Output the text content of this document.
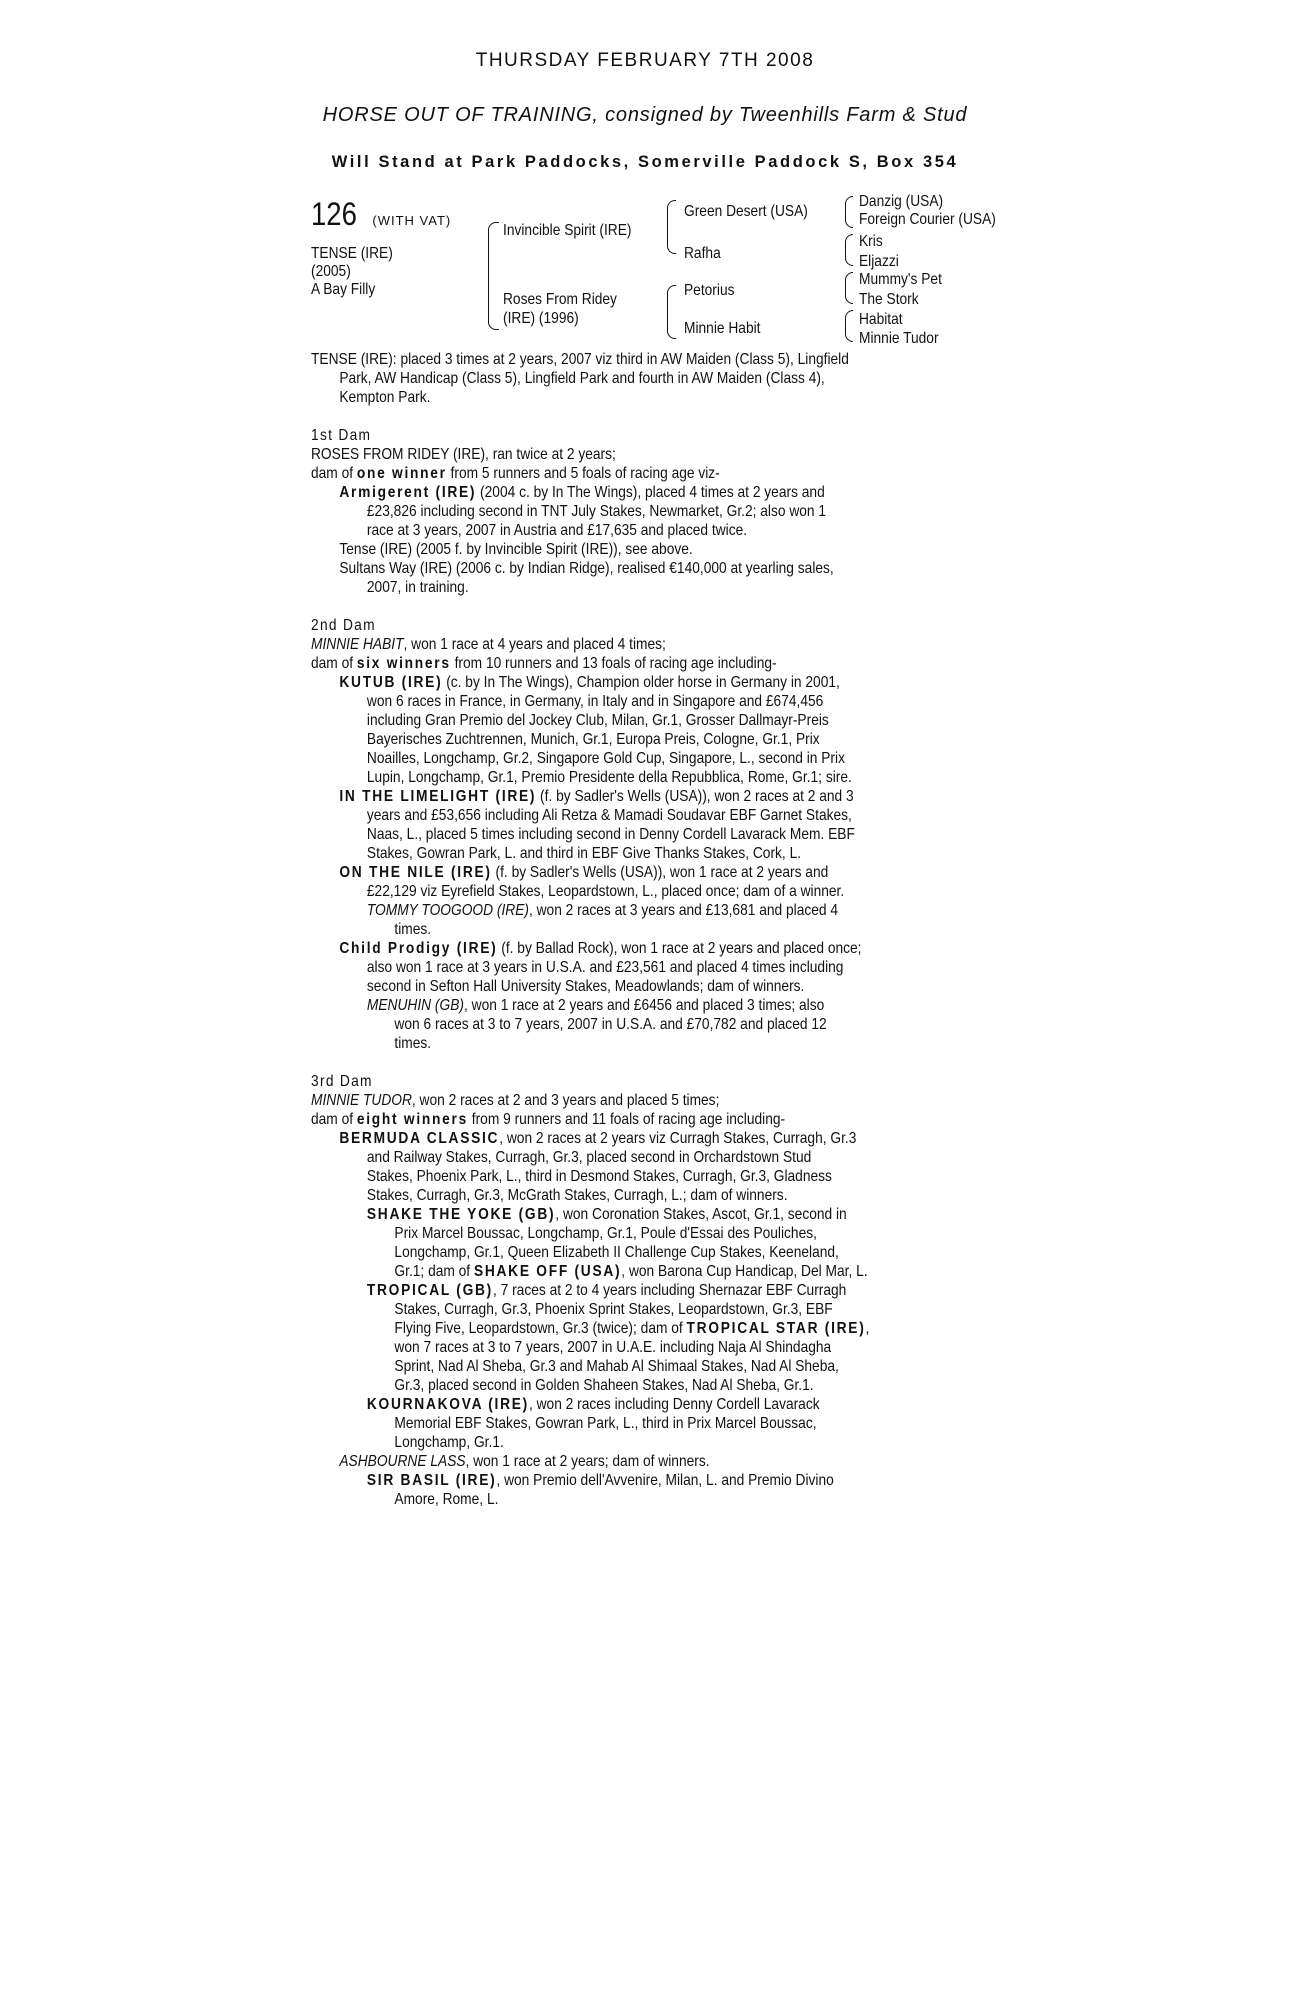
THURSDAY FEBRUARY 7TH 2008
HORSE OUT OF TRAINING, consigned by Tweenhills Farm & Stud
Will Stand at Park Paddocks, Somerville Paddock S, Box 354
126 (WITH VAT)
TENSE (IRE)
(2005)
A Bay Filly
Invincible Spirit (IRE)
Roses From Ridey
(IRE) (1996)
Green Desert (USA)
Rafha
Petorius
Minnie Habit
Danzig (USA)
Foreign Courier (USA)
Kris
Eljazzi
Mummy's Pet
The Stork
Habitat
Minnie Tudor

TENSE (IRE): placed 3 times at 2 years, 2007 viz third in AW Maiden (Class 5), Lingfield

Park, AW Handicap (Class 5), Lingfield Park and fourth in AW Maiden (Class 4),

Kempton Park.

1st Dam

ROSES FROM RIDEY (IRE), ran twice at 2 years;

dam of one winner from 5 runners and 5 foals of racing age viz-

Armigerent (IRE) (2004 c. by In The Wings), placed 4 times at 2 years and

£23,826 including second in TNT July Stakes, Newmarket, Gr.2; also won 1

race at 3 years, 2007 in Austria and £17,635 and placed twice.

Tense (IRE) (2005 f. by Invincible Spirit (IRE)), see above.

Sultans Way (IRE) (2006 c. by Indian Ridge), realised €140,000 at yearling sales,

2007, in training.

2nd Dam

MINNIE HABIT, won 1 race at 4 years and placed 4 times;

dam of six winners from 10 runners and 13 foals of racing age including-

KUTUB (IRE) (c. by In The Wings), Champion older horse in Germany in 2001,

won 6 races in France, in Germany, in Italy and in Singapore and £674,456

including Gran Premio del Jockey Club, Milan, Gr.1, Grosser Dallmayr-Preis

Bayerisches Zuchtrennen, Munich, Gr.1, Europa Preis, Cologne, Gr.1, Prix

Noailles, Longchamp, Gr.2, Singapore Gold Cup, Singapore, L., second in Prix

Lupin, Longchamp, Gr.1, Premio Presidente della Repubblica, Rome, Gr.1; sire.

IN THE LIMELIGHT (IRE) (f. by Sadler's Wells (USA)), won 2 races at 2 and 3

years and £53,656 including Ali Retza & Mamadi Soudavar EBF Garnet Stakes,

Naas, L., placed 5 times including second in Denny Cordell Lavarack Mem. EBF

Stakes, Gowran Park, L. and third in EBF Give Thanks Stakes, Cork, L.

ON THE NILE (IRE) (f. by Sadler's Wells (USA)), won 1 race at 2 years and

£22,129 viz Eyrefield Stakes, Leopardstown, L., placed once; dam of a winner.

TOMMY TOOGOOD (IRE), won 2 races at 3 years and £13,681 and placed 4

times.

Child Prodigy (IRE) (f. by Ballad Rock), won 1 race at 2 years and placed once;

also won 1 race at 3 years in U.S.A. and £23,561 and placed 4 times including

second in Sefton Hall University Stakes, Meadowlands; dam of winners.

MENUHIN (GB), won 1 race at 2 years and £6456 and placed 3 times; also

won 6 races at 3 to 7 years, 2007 in U.S.A. and £70,782 and placed 12

times.

3rd Dam

MINNIE TUDOR, won 2 races at 2 and 3 years and placed 5 times;

dam of eight winners from 9 runners and 11 foals of racing age including-

BERMUDA CLASSIC, won 2 races at 2 years viz Curragh Stakes, Curragh, Gr.3

and Railway Stakes, Curragh, Gr.3, placed second in Orchardstown Stud

Stakes, Phoenix Park, L., third in Desmond Stakes, Curragh, Gr.3, Gladness

Stakes, Curragh, Gr.3, McGrath Stakes, Curragh, L.; dam of winners.

SHAKE THE YOKE (GB), won Coronation Stakes, Ascot, Gr.1, second in

Prix Marcel Boussac, Longchamp, Gr.1, Poule d'Essai des Pouliches,

Longchamp, Gr.1, Queen Elizabeth II Challenge Cup Stakes, Keeneland,

Gr.1; dam of SHAKE OFF (USA), won Barona Cup Handicap, Del Mar, L.

TROPICAL (GB), 7 races at 2 to 4 years including Shernazar EBF Curragh

Stakes, Curragh, Gr.3, Phoenix Sprint Stakes, Leopardstown, Gr.3, EBF

Flying Five, Leopardstown, Gr.3 (twice); dam of TROPICAL STAR (IRE),

won 7 races at 3 to 7 years, 2007 in U.A.E. including Naja Al Shindagha

Sprint, Nad Al Sheba, Gr.3 and Mahab Al Shimaal Stakes, Nad Al Sheba,

Gr.3, placed second in Golden Shaheen Stakes, Nad Al Sheba, Gr.1.

KOURNAKOVA (IRE), won 2 races including Denny Cordell Lavarack

Memorial EBF Stakes, Gowran Park, L., third in Prix Marcel Boussac,

Longchamp, Gr.1.

ASHBOURNE LASS, won 1 race at 2 years; dam of winners.

SIR BASIL (IRE), won Premio dell'Avvenire, Milan, L. and Premio Divino

Amore, Rome, L.
